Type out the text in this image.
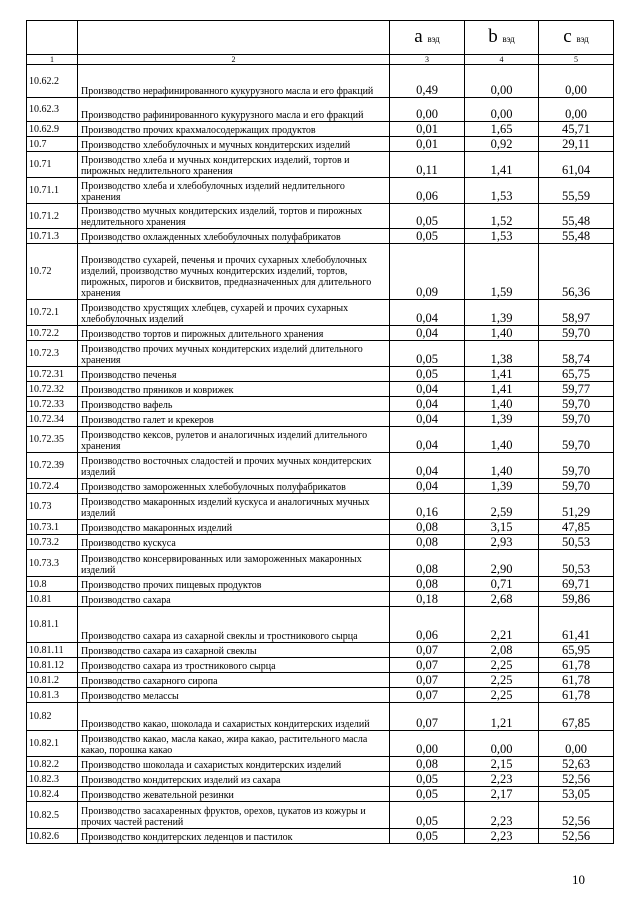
		a вэд	b вэд	c вэд
1	2	3	4	5
10.62.2	Производство нерафинированного кукурузного масла и его фракций	0,49	0,00	0,00
10.62.3	Производство рафинированного кукурузного масла и его фракций	0,00	0,00	0,00
10.62.9	Производство прочих крахмалосодержащих продуктов	0,01	1,65	45,71
10.7	Производство хлебобулочных и мучных кондитерских изделий	0,01	0,92	29,11
10.71	Производство хлеба и мучных кондитерских изделий, тортов и пирожных недлительного хранения	0,11	1,41	61,04
10.71.1	Производство хлеба и хлебобулочных изделий недлительного хранения	0,06	1,53	55,59
10.71.2	Производство мучных кондитерских изделий, тортов и пирожных недлительного хранения	0,05	1,52	55,48
10.71.3	Производство охлажденных хлебобулочных полуфабрикатов	0,05	1,53	55,48
10.72	Производство сухарей, печенья и прочих сухарных хлебобулочных изделий, производство мучных кондитерских изделий, тортов, пирожных, пирогов и бисквитов, предназначенных для длительного хранения	0,09	1,59	56,36
10.72.1	Производство хрустящих хлебцев, сухарей и прочих сухарных хлебобулочных изделий	0,04	1,39	58,97
10.72.2	Производство тортов и пирожных длительного хранения	0,04	1,40	59,70
10.72.3	Производство прочих мучных кондитерских изделий длительного хранения	0,05	1,38	58,74
10.72.31	Производство печенья	0,05	1,41	65,75
10.72.32	Производство пряников и коврижек	0,04	1,41	59,77
10.72.33	Производство вафель	0,04	1,40	59,70
10.72.34	Производство галет и крекеров	0,04	1,39	59,70
10.72.35	Производство кексов, рулетов и аналогичных изделий длительного хранения	0,04	1,40	59,70
10.72.39	Производство восточных сладостей и прочих мучных кондитерских изделий	0,04	1,40	59,70
10.72.4	Производство замороженных хлебобулочных полуфабрикатов	0,04	1,39	59,70
10.73	Производство макаронных изделий кускуса и аналогичных мучных изделий	0,16	2,59	51,29
10.73.1	Производство макаронных изделий	0,08	3,15	47,85
10.73.2	Производство кускуса	0,08	2,93	50,53
10.73.3	Производство консервированных или замороженных макаронных изделий	0,08	2,90	50,53
10.8	Производство прочих пищевых продуктов	0,08	0,71	69,71
10.81	Производство сахара	0,18	2,68	59,86
10.81.1	Производство сахара из сахарной свеклы и тростникового сырца	0,06	2,21	61,41
10.81.11	Производство сахара из сахарной свеклы	0,07	2,08	65,95
10.81.12	Производство сахара из тростникового сырца	0,07	2,25	61,78
10.81.2	Производство сахарного сиропа	0,07	2,25	61,78
10.81.3	Производство мелассы	0,07	2,25	61,78
10.82	Производство какао, шоколада и сахаристых кондитерских изделий	0,07	1,21	67,85
10.82.1	Производство какао, масла какао, жира какао, растительного масла какао, порошка какао	0,00	0,00	0,00
10.82.2	Производство шоколада и сахаристых кондитерских изделий	0,08	2,15	52,63
10.82.3	Производство кондитерских изделий из сахара	0,05	2,23	52,56
10.82.4	Производство жевательной резинки	0,05	2,17	53,05
10.82.5	Производство засахаренных фруктов, орехов, цукатов из кожуры и прочих частей растений	0,05	2,23	52,56
10.82.6	Производство кондитерских леденцов и пастилок	0,05	2,23	52,56
10
